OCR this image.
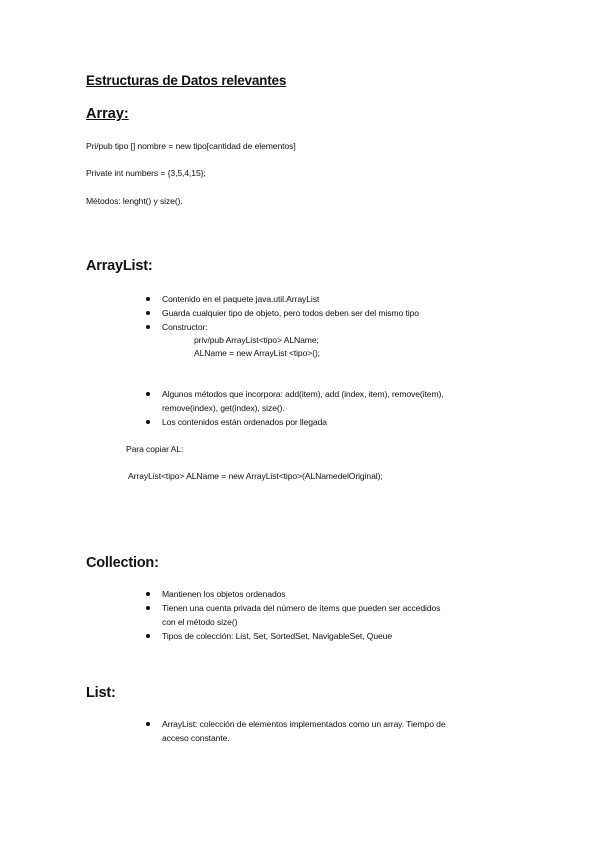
Estructuras de Datos relevantes
Array:
Pri/pub tipo [] nombre = new tipo[cantidad de elementos]
Private int numbers = {3,5,4,15};
Métodos: lenght() y size().
ArrayList:
Contenido en el paquete java.util.ArrayList
Guarda cualquier tipo de objeto, pero todos deben ser del mismo tipo
Constructor:
priv/pub ArrayList<tipo> ALName;
ALName = new ArrayList <tipo>();
Algunos métodos que incorpora: add(item), add (index, item), remove(item),
remove(index), get(index), size().
Los contenidos están ordenados por llegada
Para copiar AL:
ArrayList<tipo> ALName = new ArrayList<tipo>(ALNamedelOriginal);
Collection:
Mantienen los objetos ordenados
Tienen una cuenta privada del número de ítems que pueden ser accedidos
con el método size()
Tipos de colección: List, Set, SortedSet, NavigableSet, Queue
List:
ArrayList: colección de elementos implementados como un array. Tiempo de
acceso constante.
